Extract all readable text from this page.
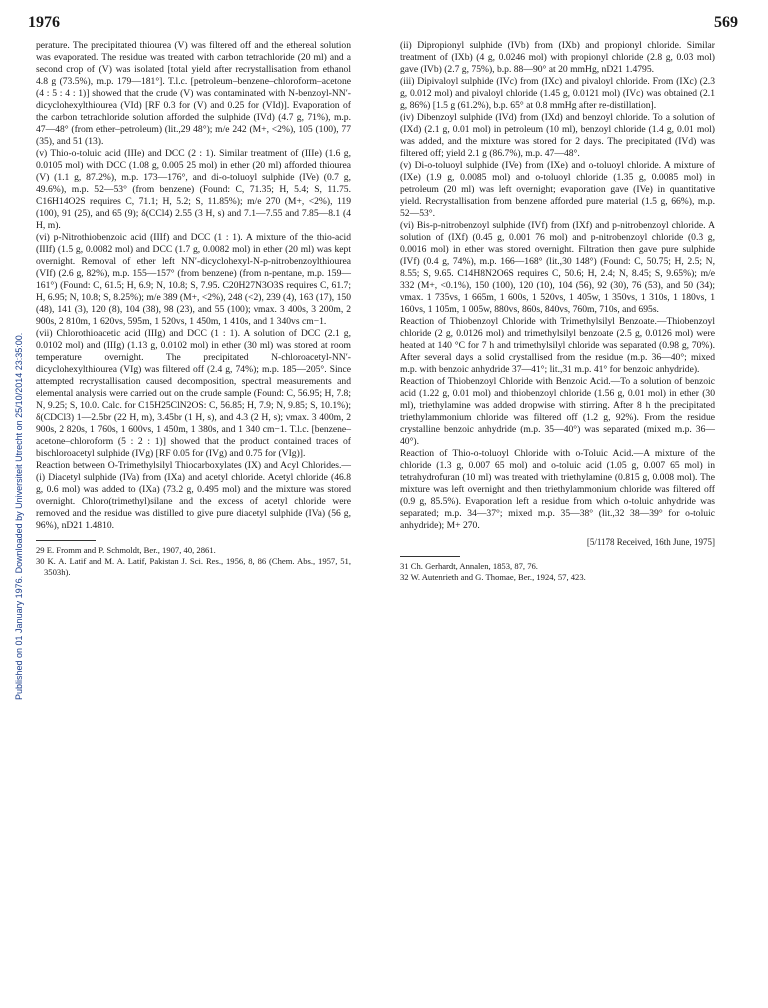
1976	569
Published on 01 January 1976. Downloaded by Universiteit Utrecht on 25/10/2014 23:35:00.

perature. The precipitated thiourea (V) was filtered off and the ethereal solution was evaporated. The residue was treated with carbon tetrachloride (20 ml) and a second crop of (V) was isolated [total yield after recrystallisation from ethanol 4.8 g (73.5%), m.p. 179—181°]. T.l.c. [petroleum–benzene–chloroform–acetone (4 : 5 : 4 : 1)] showed that the crude (V) was contaminated with N-benzoyl-NN′-dicyclohexylthiourea (VId) [RF 0.3 for (V) and 0.25 for (VId)]. Evaporation of the carbon tetrachloride solution afforded the sulphide (IVd) (4.7 g, 71%), m.p. 47—48° (from ether–petroleum) (lit.,29 48°); m/e 242 (M+, <2%), 105 (100), 77 (35), and 51 (13).

(v) Thio-o-toluic acid (IIIe) and DCC (2 : 1). Similar treatment of (IIIe) (1.6 g, 0.0105 mol) with DCC (1.08 g, 0.005 25 mol) in ether (20 ml) afforded thiourea (V) (1.1 g, 87.2%), m.p. 173—176°, and di-o-toluoyl sulphide (IVe) (0.7 g, 49.6%), m.p. 52—53° (from benzene) (Found: C, 71.35; H, 5.4; S, 11.75. C16H14O2S requires C, 71.1; H, 5.2; S, 11.85%); m/e 270 (M+, <2%), 119 (100), 91 (25), and 65 (9); δ(CCl4) 2.55 (3 H, s) and 7.1—7.55 and 7.85—8.1 (4 H, m).

(vi) p-Nitrothiobenzoic acid (IIIf) and DCC (1 : 1). A mixture of the thio-acid (IIIf) (1.5 g, 0.0082 mol) and DCC (1.7 g, 0.0082 mol) in ether (20 ml) was kept overnight. Removal of ether left NN′-dicyclohexyl-N-p-nitrobenzoylthiourea (VIf) (2.6 g, 82%), m.p. 155—157° (from benzene) (from n-pentane, m.p. 159—161°) (Found: C, 61.5; H, 6.9; N, 10.8; S, 7.95. C20H27N3O3S requires C, 61.7; H, 6.95; N, 10.8; S, 8.25%); m/e 389 (M+, <2%), 248 (<2), 239 (4), 163 (17), 150 (48), 141 (3), 120 (8), 104 (38), 98 (23), and 55 (100); νmax. 3 400s, 3 200m, 2 900s, 2 810m, 1 620vs, 595m, 1 520vs, 1 450m, 1 410s, and 1 340vs cm−1.

(vii) Chlorothioacetic acid (IIIg) and DCC (1 : 1). A solution of DCC (2.1 g, 0.0102 mol) and (IIIg) (1.13 g, 0.0102 mol) in ether (30 ml) was stored at room temperature overnight. The precipitated N-chloroacetyl-NN′-dicyclohexylthiourea (VIg) was filtered off (2.4 g, 74%); m.p. 185—205°. Since attempted recrystallisation caused decomposition, spectral measurements and elemental analysis were carried out on the crude sample (Found: C, 56.95; H, 7.8; N, 9.25; S, 10.0. Calc. for C15H25ClN2OS: C, 56.85; H, 7.9; N, 9.85; S, 10.1%); δ(CDCl3) 1—2.5br (22 H, m), 3.45br (1 H, s), and 4.3 (2 H, s); νmax. 3 400m, 2 900s, 2 820s, 1 760s, 1 600vs, 1 450m, 1 380s, and 1 340 cm−1. T.l.c. [benzene–acetone–chloroform (5 : 2 : 1)] showed that the product contained traces of bischloroacetyl sulphide (IVg) [RF 0.05 for (IVg) and 0.75 for (VIg)].

Reaction between O-Trimethylsilyl Thiocarboxylates (IX) and Acyl Chlorides.—(i) Diacetyl sulphide (IVa) from (IXa) and acetyl chloride. Acetyl chloride (46.8 g, 0.6 mol) was added to (IXa) (73.2 g, 0.495 mol) and the mixture was stored overnight. Chloro(trimethyl)silane and the excess of acetyl chloride were removed and the residue was distilled to give pure diacetyl sulphide (IVa) (56 g, 96%), nD21 1.4810.

29 E. Fromm and P. Schmoldt, Ber., 1907, 40, 2861.

30 K. A. Latif and M. A. Latif, Pakistan J. Sci. Res., 1956, 8, 86 (Chem. Abs., 1957, 51, 3503h).

(ii) Dipropionyl sulphide (IVb) from (IXb) and propionyl chloride. Similar treatment of (IXb) (4 g, 0.0246 mol) with propionyl chloride (2.8 g, 0.03 mol) gave (IVb) (2.7 g, 75%), b.p. 88—90° at 20 mmHg, nD21 1.4795.

(iii) Dipivaloyl sulphide (IVc) from (IXc) and pivaloyl chloride. From (IXc) (2.3 g, 0.012 mol) and pivaloyl chloride (1.45 g, 0.0121 mol) (IVc) was obtained (2.1 g, 86%) [1.5 g (61.2%), b.p. 65° at 0.8 mmHg after re-distillation].

(iv) Dibenzoyl sulphide (IVd) from (IXd) and benzoyl chloride. To a solution of (IXd) (2.1 g, 0.01 mol) in petroleum (10 ml), benzoyl chloride (1.4 g, 0.01 mol) was added, and the mixture was stored for 2 days. The precipitated (IVd) was filtered off; yield 2.1 g (86.7%), m.p. 47—48°.

(v) Di-o-toluoyl sulphide (IVe) from (IXe) and o-toluoyl chloride. A mixture of (IXe) (1.9 g, 0.0085 mol) and o-toluoyl chloride (1.35 g, 0.0085 mol) in petroleum (20 ml) was left overnight; evaporation gave (IVe) in quantitative yield. Recrystallisation from benzene afforded pure material (1.5 g, 66%), m.p. 52—53°.

(vi) Bis-p-nitrobenzoyl sulphide (IVf) from (IXf) and p-nitrobenzoyl chloride. A solution of (IXf) (0.45 g, 0.001 76 mol) and p-nitrobenzoyl chloride (0.3 g, 0.0016 mol) in ether was stored overnight. Filtration then gave pure sulphide (IVf) (0.4 g, 74%), m.p. 166—168° (lit.,30 148°) (Found: C, 50.75; H, 2.5; N, 8.55; S, 9.65. C14H8N2O6S requires C, 50.6; H, 2.4; N, 8.45; S, 9.65%); m/e 332 (M+, <0.1%), 150 (100), 120 (10), 104 (56), 92 (30), 76 (53), and 50 (34); νmax. 1 735vs, 1 665m, 1 600s, 1 520vs, 1 405w, 1 350vs, 1 310s, 1 180vs, 1 160vs, 1 105m, 1 005w, 880vs, 860s, 840vs, 760m, 710s, and 695s.

Reaction of Thiobenzoyl Chloride with Trimethylsilyl Benzoate.—Thiobenzoyl chloride (2 g, 0.0126 mol) and trimethylsilyl benzoate (2.5 g, 0.0126 mol) were heated at 140 °C for 7 h and trimethylsilyl chloride was separated (0.98 g, 70%). After several days a solid crystallised from the residue (m.p. 36—40°; mixed m.p. with benzoic anhydride 37—41°; lit.,31 m.p. 41° for benzoic anhydride).

Reaction of Thiobenzoyl Chloride with Benzoic Acid.—To a solution of benzoic acid (1.22 g, 0.01 mol) and thiobenzoyl chloride (1.56 g, 0.01 mol) in ether (30 ml), triethylamine was added dropwise with stirring. After 8 h the precipitated triethylammonium chloride was filtered off (1.2 g, 92%). From the residue crystalline benzoic anhydride (m.p. 35—40°) was separated (mixed m.p. 36—40°).

Reaction of Thio-o-toluoyl Chloride with o-Toluic Acid.—A mixture of the chloride (1.3 g, 0.007 65 mol) and o-toluic acid (1.05 g, 0.007 65 mol) in tetrahydrofuran (10 ml) was treated with triethylamine (0.815 g, 0.008 mol). The mixture was left overnight and then triethylammonium chloride was filtered off (0.9 g, 85.5%). Evaporation left a residue from which o-toluic anhydride was separated; m.p. 34—37°; mixed m.p. 35—38° (lit.,32 38—39° for o-toluic anhydride); M+ 270.

[5/1178 Received, 16th June, 1975]

31 Ch. Gerhardt, Annalen, 1853, 87, 76.

32 W. Autenrieth and G. Thomae, Ber., 1924, 57, 423.
